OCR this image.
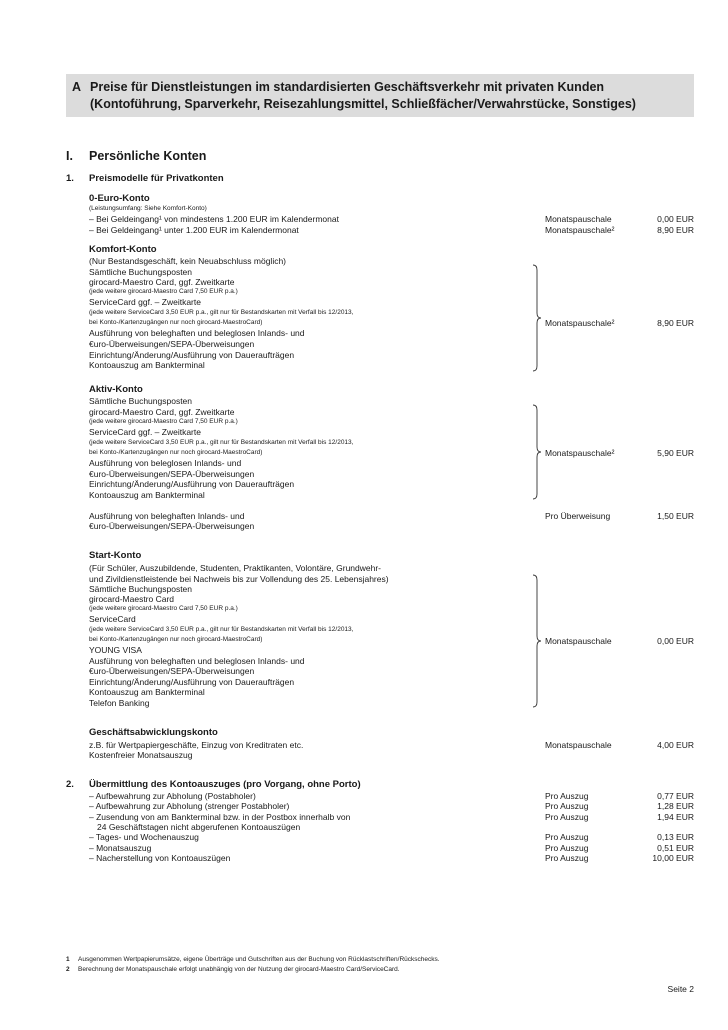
A Preise für Dienstleistungen im standardisierten Geschäftsverkehr mit privaten Kunden
(Kontoführung, Sparverkehr, Reisezahlungsmittel, Schließfächer/Verwahrstücke, Sonstiges)
I. Persönliche Konten
1. Preismodelle für Privatkonten
0-Euro-Konto
(Leistungsumfang: Siehe Komfort-Konto)
– Bei Geldeingang¹ von mindestens 1.200 EUR im Kalendermonat	Monatspauschale	0,00 EUR
– Bei Geldeingang¹ unter 1.200 EUR im Kalendermonat	Monatspauschale²	8,90 EUR
Komfort-Konto
(Nur Bestandsgeschäft, kein Neuabschluss möglich)
Sämtliche Buchungsposten
girocard-Maestro Card, ggf. Zweitkarte
(jede weitere girocard-Maestro Card 7,50 EUR p.a.)
ServiceCard ggf. – Zweitkarte
(jede weitere ServiceCard 3,50 EUR p.a., gilt nur für Bestandskarten mit Verfall bis 12/2013,
bei Konto-/Kartenzugängen nur noch girocard-MaestroCard)
Ausführung von beleghaften und beleglosen Inlands- und
€uro-Überweisungen/SEPA-Überweisungen
Einrichtung/Änderung/Ausführung von Daueraufträgen
Kontoauszug am Bankterminal
Monatspauschale²	8,90 EUR
Aktiv-Konto
Sämtliche Buchungsposten
girocard-Maestro Card, ggf. Zweitkarte
(jede weitere girocard-Maestro Card 7,50 EUR p.a.)
ServiceCard ggf. – Zweitkarte
(jede weitere ServiceCard 3,50 EUR p.a., gilt nur für Bestandskarten mit Verfall bis 12/2013,
bei Konto-/Kartenzugängen nur noch girocard-MaestroCard)
Ausführung von beleglosen Inlands- und
€uro-Überweisungen/SEPA-Überweisungen
Einrichtung/Änderung/Ausführung von Daueraufträgen
Kontoauszug am Bankterminal
Monatspauschale²	5,90 EUR
Ausführung von beleghaften Inlands- und
€uro-Überweisungen/SEPA-Überweisungen
Pro Überweisung	1,50 EUR
Start-Konto
(Für Schüler, Auszubildende, Studenten, Praktikanten, Volontäre, Grundwehr-
und Zivildienstleistende bei Nachweis bis zur Vollendung des 25. Lebensjahres)
Sämtliche Buchungsposten
girocard-Maestro Card
(jede weitere girocard-Maestro Card 7,50 EUR p.a.)
ServiceCard
(jede weitere ServiceCard 3,50 EUR p.a., gilt nur für Bestandskarten mit Verfall bis 12/2013,
bei Konto-/Kartenzugängen nur noch girocard-MaestroCard)
YOUNG VISA
Ausführung von beleghaften und beleglosen Inlands- und
€uro-Überweisungen/SEPA-Überweisungen
Einrichtung/Änderung/Ausführung von Daueraufträgen
Kontoauszug am Bankterminal
Telefon Banking
Monatspauschale	0,00 EUR
Geschäftsabwicklungskonto
z.B. für Wertpapiergeschäfte, Einzug von Kreditraten etc.
Kostenfreier Monatsauszug
Monatspauschale	4,00 EUR
2. Übermittlung des Kontoauszuges (pro Vorgang, ohne Porto)
– Aufbewahrung zur Abholung (Postabholer)	Pro Auszug	0,77 EUR
– Aufbewahrung zur Abholung (strenger Postabholer)	Pro Auszug	1,28 EUR
– Zusendung von am Bankterminal bzw. in der Postbox innerhalb von	Pro Auszug	1,94 EUR
24 Geschäftstagen nicht abgerufenen Kontoauszügen
– Tages- und Wochenauszug	Pro Auszug	0,13 EUR
– Monatsauszug	Pro Auszug	0,51 EUR
– Nacherstellung von Kontoauszügen	Pro Auszug	10,00 EUR
1 Ausgenommen Wertpapierumsätze, eigene Überträge und Gutschriften aus der Buchung von Rücklastschriften/Rückschecks.
2 Berechnung der Monatspauschale erfolgt unabhängig von der Nutzung der girocard-Maestro Card/ServiceCard.
Seite 2
